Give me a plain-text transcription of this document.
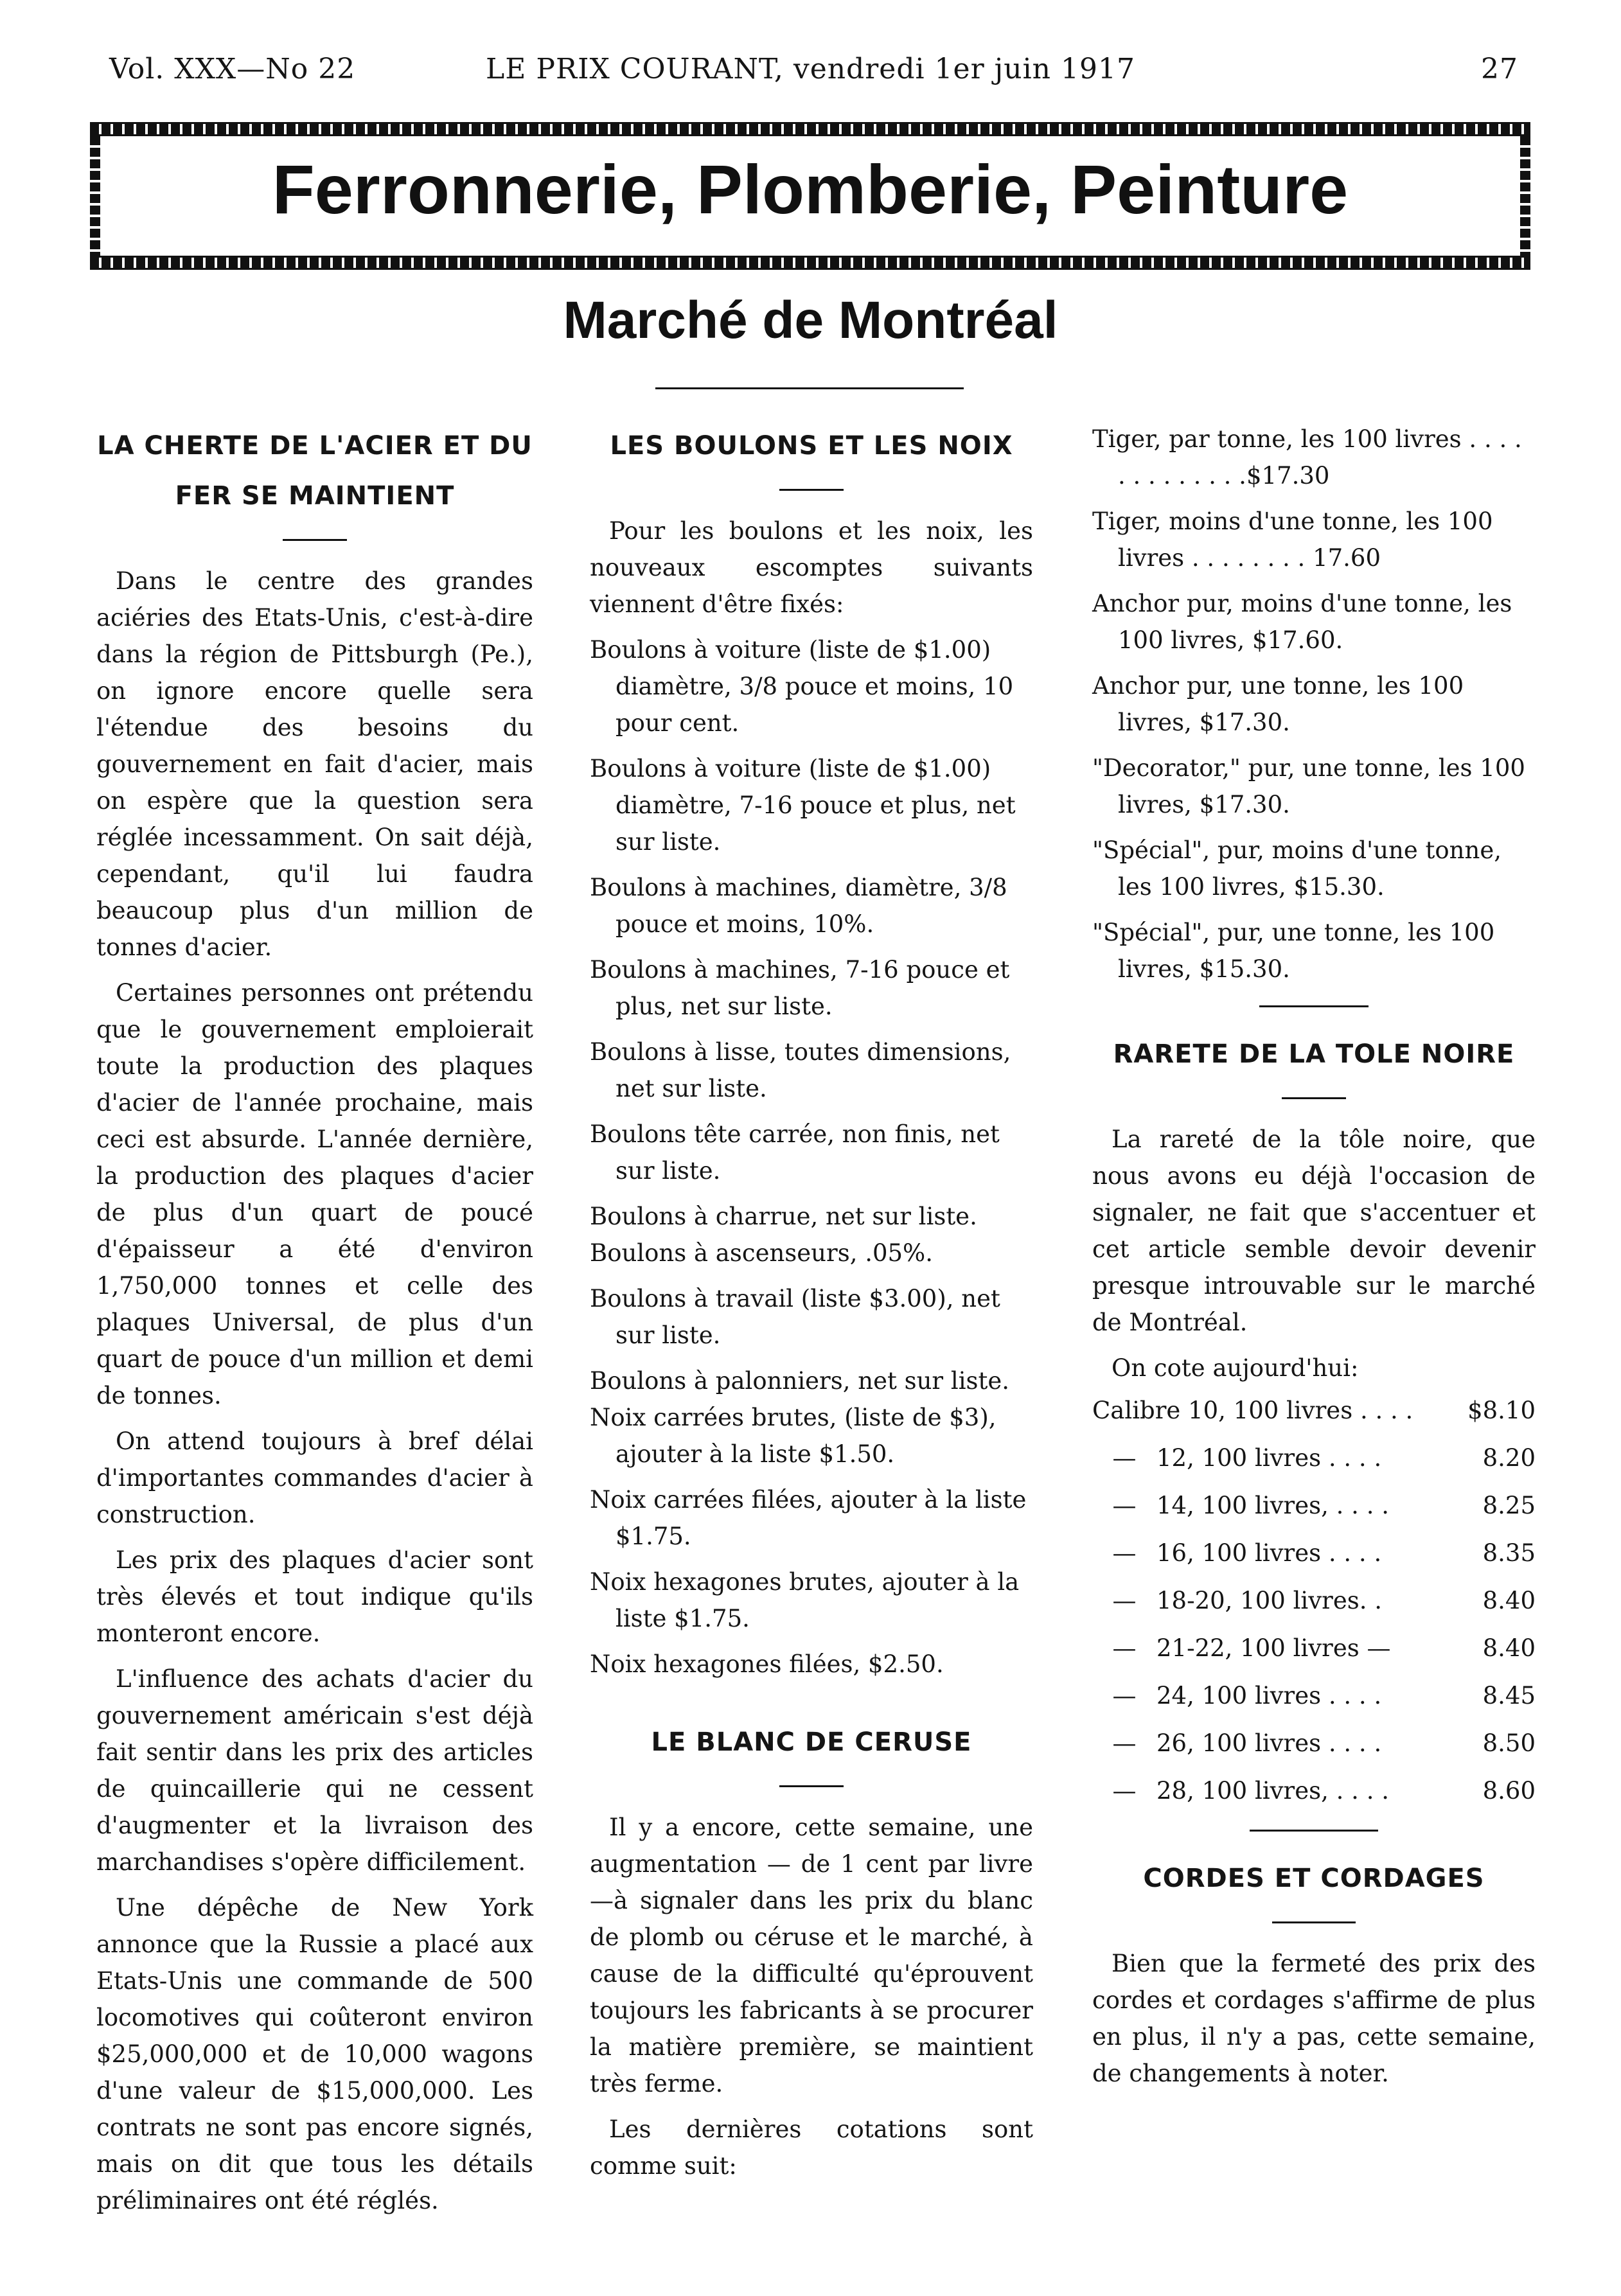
Vol. XXX—No 22	LE PRIX COURANT, vendredi 1er juin 1917	27
Ferronnerie, Plomberie, Peinture
Marché de Montréal
LA CHERTE DE L'ACIER ET DU FER SE MAINTIENT

Dans le centre des grandes aciéries des Etats-Unis, c'est-à-dire dans la région de Pittsburgh (Pe.), on ignore encore quelle sera l'étendue des besoins du gouvernement en fait d'acier, mais on espère que la question sera réglée incessamment. On sait déjà, cependant, qu'il lui faudra beaucoup plus d'un million de tonnes d'acier.

Certaines personnes ont prétendu que le gouvernement emploierait toute la production des plaques d'acier de l'année prochaine, mais ceci est absurde. L'année dernière, la production des plaques d'acier de plus d'un quart de poucé d'épaisseur a été d'environ 1,750,000 tonnes et celle des plaques Universal, de plus d'un quart de pouce d'un million et demi de tonnes.

On attend toujours à bref délai d'importantes commandes d'acier à construction.

Les prix des plaques d'acier sont très élevés et tout indique qu'ils monteront encore.

L'influence des achats d'acier du gouvernement américain s'est déjà fait sentir dans les prix des articles de quincaillerie qui ne cessent d'augmenter et la livraison des marchandises s'opère difficilement.

Une dépêche de New York annonce que la Russie a placé aux Etats-Unis une commande de 500 locomotives qui coûteront environ $25,000,000 et de 10,000 wagons d'une valeur de $15,000,000. Les contrats ne sont pas encore signés, mais on dit que tous les détails préliminaires ont été réglés.

LES BOULONS ET LES NOIX

Pour les boulons et les noix, les nouveaux escomptes suivants viennent d'être fixés:

Boulons à voiture (liste de $1.00) diamètre, 3/8 pouce et moins, 10 pour cent.
Boulons à voiture (liste de $1.00) diamètre, 7-16 pouce et plus, net sur liste.
Boulons à machines, diamètre, 3/8 pouce et moins, 10%.
Boulons à machines, 7-16 pouce et plus, net sur liste.
Boulons à lisse, toutes dimensions, net sur liste.
Boulons tête carrée, non finis, net sur liste.
Boulons à charrue, net sur liste.
Boulons à ascenseurs, .05%.
Boulons à travail (liste $3.00), net sur liste.
Boulons à palonniers, net sur liste.
Noix carrées brutes, (liste de $3), ajouter à la liste $1.50.
Noix carrées filées, ajouter à la liste $1.75.
Noix hexagones brutes, ajouter à la liste $1.75.
Noix hexagones filées, $2.50.
LE BLANC DE CERUSE

Il y a encore, cette semaine, une augmentation — de 1 cent par livre—à signaler dans les prix du blanc de plomb ou céruse et le marché, à cause de la difficulté qu'éprouvent toujours les fabricants à se procurer la matière première, se maintient très ferme.

Les dernières cotations sont comme suit:

Tiger, par tonne, les 100 livres . . . . . . . . . . . . .$17.30
Tiger, moins d'une tonne, les 100 livres . . . . . . . . 17.60
Anchor pur, moins d'une tonne, les 100 livres, $17.60.
Anchor pur, une tonne, les 100 livres, $17.30.
"Decorator," pur, une tonne, les 100 livres, $17.30.
"Spécial", pur, moins d'une tonne, les 100 livres, $15.30.
"Spécial", pur, une tonne, les 100 livres, $15.30.
RARETE DE LA TOLE NOIRE

La rareté de la tôle noire, que nous avons eu déjà l'occasion de signaler, ne fait que s'accentuer et cet article semble devoir devenir presque introuvable sur le marché de Montréal.

On cote aujourd'hui:

Calibre 10, 100 livres . . . .		$8.10
—	12, 100 livres . . . .	8.20
—	14, 100 livres, . . . .	8.25
—	16, 100 livres . . . .	8.35
—	18-20, 100 livres. .	8.40
—	21-22, 100 livres —	8.40
—	24, 100 livres . . . .	8.45
—	26, 100 livres . . . .	8.50
—	28, 100 livres, . . . .	8.60
CORDES ET CORDAGES

Bien que la fermeté des prix des cordes et cordages s'affirme de plus en plus, il n'y a pas, cette semaine, de changements à noter.
